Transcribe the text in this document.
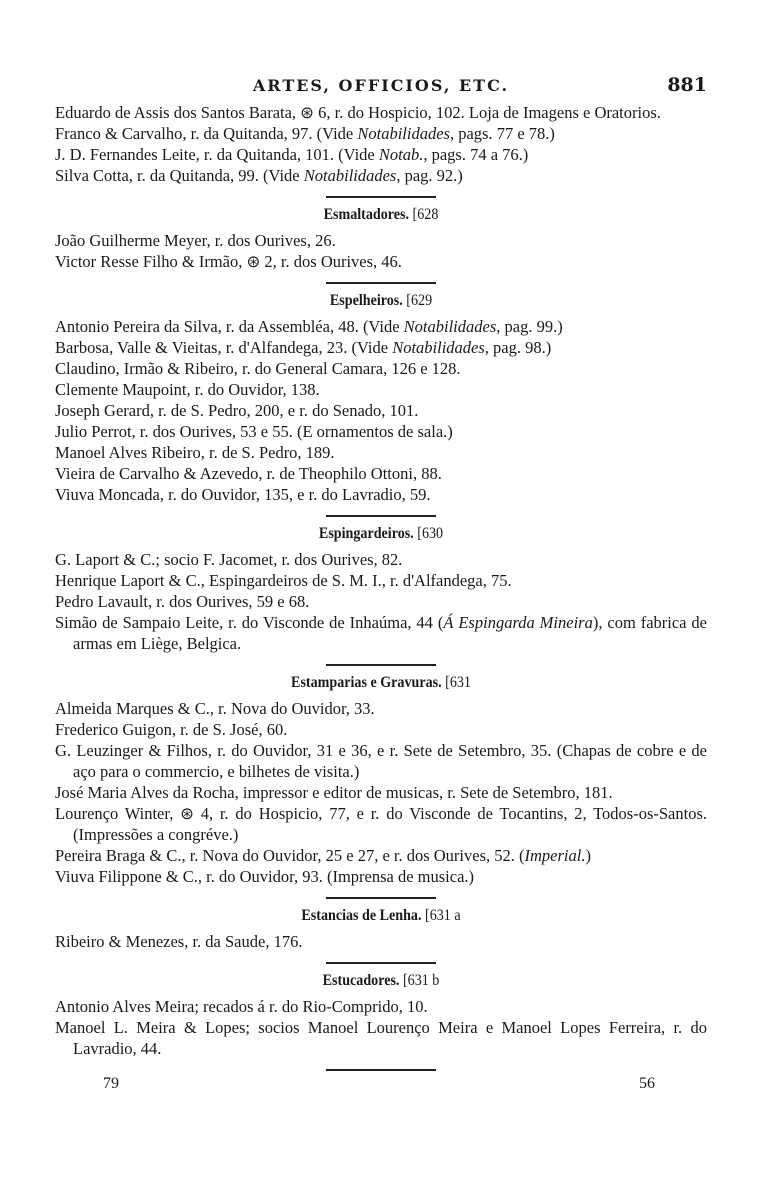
ARTES, OFFICIOS, ETC.	881
Eduardo de Assis dos Santos Barata, ⊛ 6, r. do Hospicio, 102. Loja de Imagens e Oratorios.
Franco & Carvalho, r. da Quitanda, 97. (Vide Notabilidades, pags. 77 e 78.)
J. D. Fernandes Leite, r. da Quitanda, 101. (Vide Notab., pags. 74 a 76.)
Silva Cotta, r. da Quitanda, 99. (Vide Notabilidades, pag. 92.)
Esmaltadores. [628
João Guilherme Meyer, r. dos Ourives, 26.
Victor Resse Filho & Irmão, ⊛ 2, r. dos Ourives, 46.
Espelheiros. [629
Antonio Pereira da Silva, r. da Assembléa, 48. (Vide Notabilidades, pag. 99.)
Barbosa, Valle & Vieitas, r. d'Alfandega, 23. (Vide Notabilidades, pag. 98.)
Claudino, Irmão & Ribeiro, r. do General Camara, 126 e 128.
Clemente Maupoint, r. do Ouvidor, 138.
Joseph Gerard, r. de S. Pedro, 200, e r. do Senado, 101.
Julio Perrot, r. dos Ourives, 53 e 55. (E ornamentos de sala.)
Manoel Alves Ribeiro, r. de S. Pedro, 189.
Vieira de Carvalho & Azevedo, r. de Theophilo Ottoni, 88.
Viuva Moncada, r. do Ouvidor, 135, e r. do Lavradio, 59.
Espingardeiros. [630
G. Laport & C.; socio F. Jacomet, r. dos Ourives, 82.
Henrique Laport & C., Espingardeiros de S. M. I., r. d'Alfandega, 75.
Pedro Lavault, r. dos Ourives, 59 e 68.
Simão de Sampaio Leite, r. do Visconde de Inhaúma, 44 (Á Espingarda Mineira), com fabrica de armas em Liège, Belgica.
Estamparias e Gravuras. [631
Almeida Marques & C., r. Nova do Ouvidor, 33.
Frederico Guigon, r. de S. José, 60.
G. Leuzinger & Filhos, r. do Ouvidor, 31 e 36, e r. Sete de Setembro, 35. (Chapas de cobre e de aço para o commercio, e bilhetes de visita.)
José Maria Alves da Rocha, impressor e editor de musicas, r. Sete de Setembro, 181.
Lourenço Winter, ⊛ 4, r. do Hospicio, 77, e r. do Visconde de Tocantins, 2, Todos-os-Santos. (Impressões a congréve.)
Pereira Braga & C., r. Nova do Ouvidor, 25 e 27, e r. dos Ourives, 52. (Imperial.)
Viuva Filippone & C., r. do Ouvidor, 93. (Imprensa de musica.)
Estancias de Lenha. [631 a
Ribeiro & Menezes, r. da Saude, 176.
Estucadores. [631 b
Antonio Alves Meira; recados á r. do Rio-Comprido, 10.
Manoel L. Meira & Lopes; socios Manoel Lourenço Meira e Manoel Lopes Ferreira, r. do Lavradio, 44.
79	56
